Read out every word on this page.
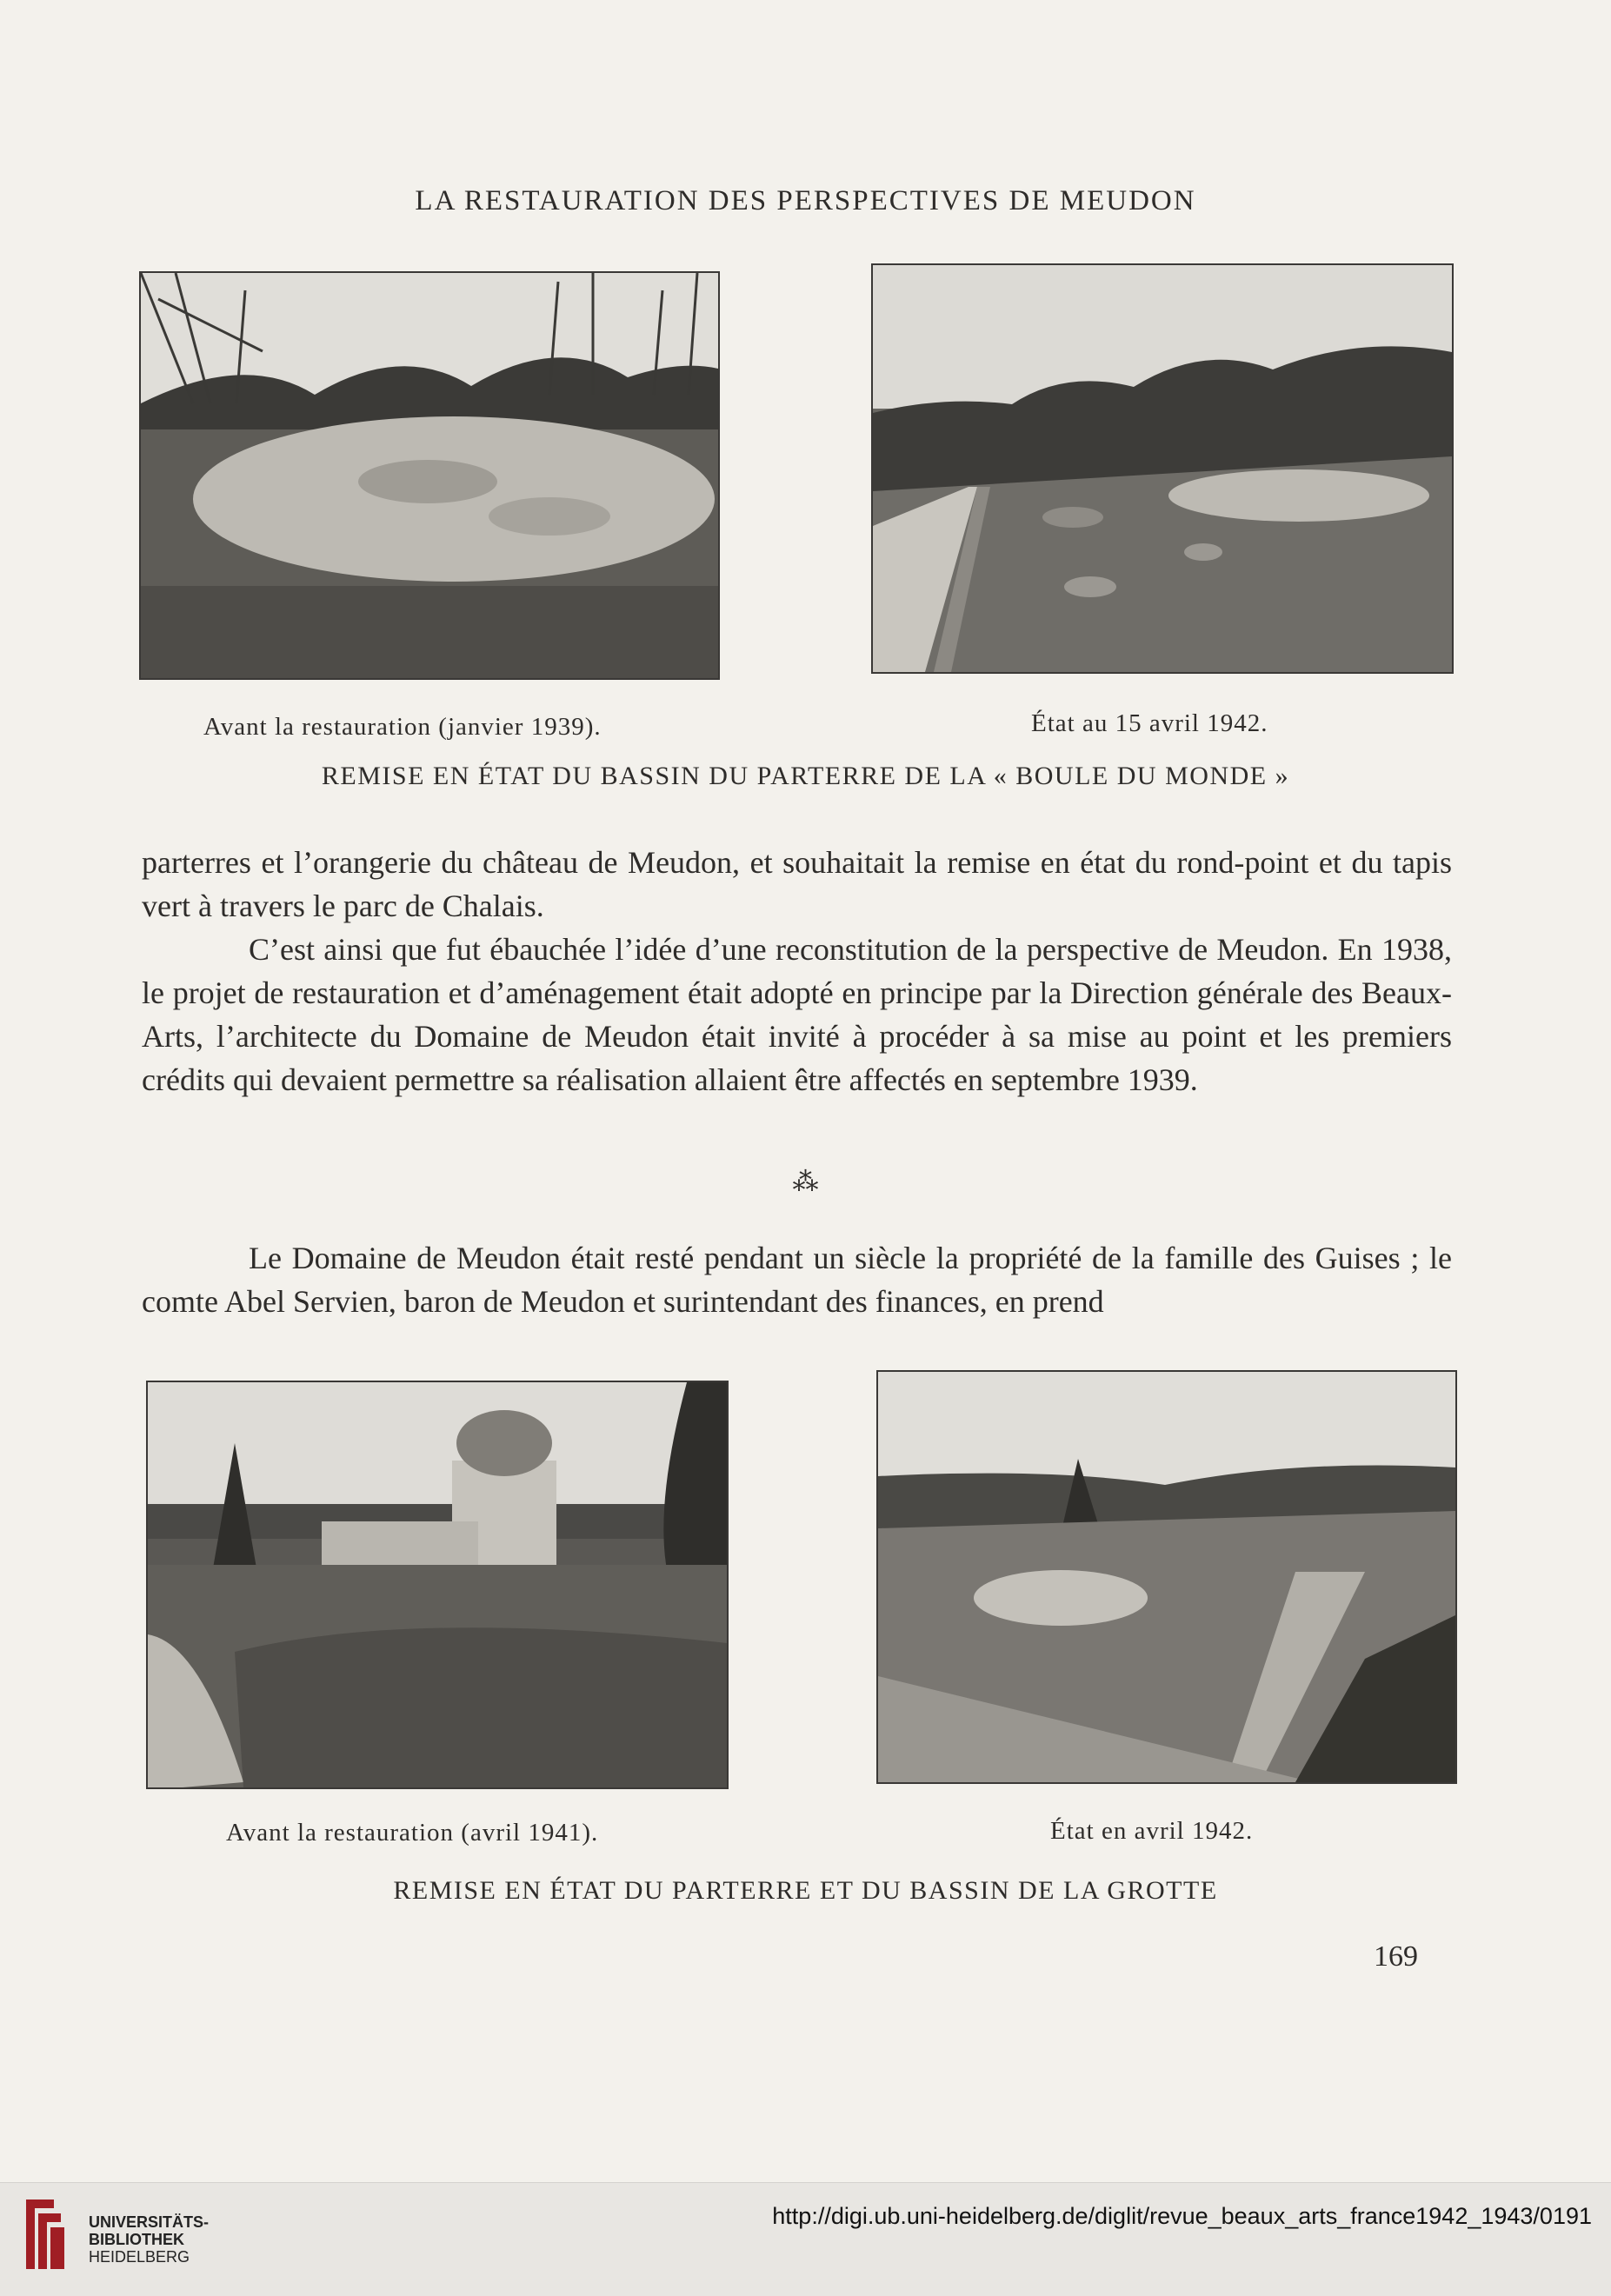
LA RESTAURATION DES PERSPECTIVES DE MEUDON
Avant la restauration (janvier 1939).	État au 15 avril 1942.
REMISE EN ÉTAT DU BASSIN DU PARTERRE DE LA « BOULE DU MONDE »

parterres et l’orangerie du château de Meudon, et souhaitait la remise en état du rond-point et du tapis vert à travers le parc de Chalais.

C’est ainsi que fut ébauchée l’idée d’une reconstitution de la perspective de Meudon. En 1938, le projet de restauration et d’aménagement était adopté en principe par la Direction générale des Beaux-Arts, l’architecte du Domaine de Meudon était invité à procéder à sa mise au point et les premiers crédits qui devaient permettre sa réalisation allaient être affectés en septembre 1939.

⁂

Le Domaine de Meudon était resté pendant un siècle la propriété de la famille des Guises ; le comte Abel Servien, baron de Meudon et surintendant des finances, en prend

Avant la restauration (avril 1941).	État en avril 1942.
REMISE EN ÉTAT DU PARTERRE ET DU BASSIN DE LA GROTTE
169
UNIVERSITÄTS-
BIBLIOTHEK
HEIDELBERG
http://digi.ub.uni-heidelberg.de/diglit/revue_beaux_arts_france1942_1943/0191
